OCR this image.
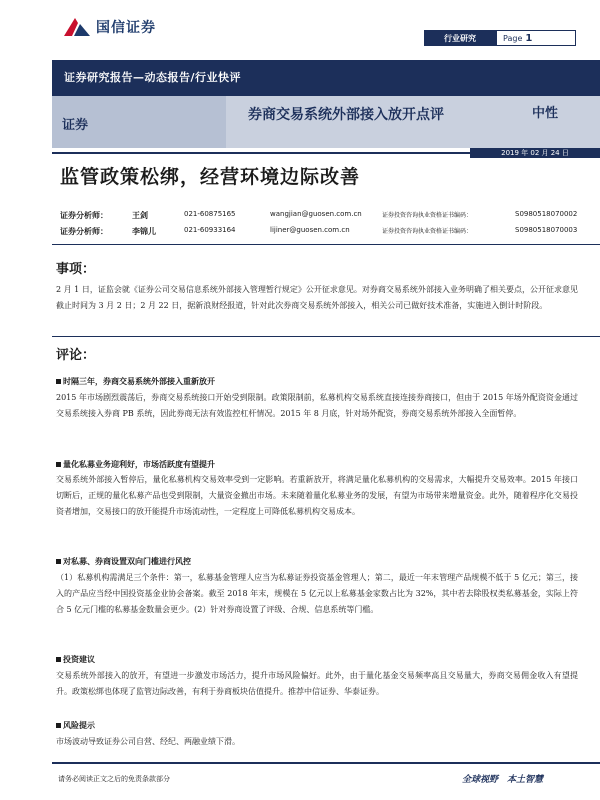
国信证券
行业研究	Page 1
证券研究报告—动态报告/行业快评
证券
券商交易系统外部接入放开点评	中性
2019 年 02 月 24 日
监管政策松绑，经营环境边际改善
证券分析师：	王剑	021-60875165	wangjian@guosen.com.cn	证券投资咨询执业资格证书编码：	S0980518070002
证券分析师：	李锦儿	021-60933164	lijiner@guosen.com.cn	证券投资咨询执业资格证书编码：	S0980518070003
事项：
2 月 1 日，证监会就《证券公司交易信息系统外部接入管理暂行规定》公开征求意见。对券商交易系统外部接入业务明确了相关要点，公开征求意见截止时间为 3 月 2 日；2 月 22 日，据新浪财经报道，针对此次券商交易系统外部接入，相关公司已做好技术准备，实施进入倒计时阶段。
评论：
时隔三年，券商交易系统外部接入重新放开
2015 年市场剧烈震荡后，券商交易系统接口开始受到限制。政策限制前，私募机构交易系统直接连接券商接口，但由于 2015 年场外配资资金通过交易系统接入券商 PB 系统，因此券商无法有效监控杠杆情况。2015 年 8 月底，针对场外配资，券商交易系统外部接入全面暂停。
量化私募业务迎利好，市场活跃度有望提升
交易系统外部接入暂停后，量化私募机构交易效率受到一定影响。若重新放开，将满足量化私募机构的交易需求，大幅提升交易效率。2015 年接口切断后，正规的量化私募产品也受到限制，大量资金撤出市场。未来随着量化私募业务的发展，有望为市场带来增量资金。此外，随着程序化交易投资者增加，交易接口的放开能提升市场流动性，一定程度上可降低私募机构交易成本。
对私募、券商设置双向门槛进行风控
（1）私募机构需满足三个条件：第一，私募基金管理人应当为私募证券投资基金管理人；第二，最近一年末管理产品规模不低于 5 亿元；第三，接入的产品应当经中国投资基金业协会备案。截至 2018 年末，规模在 5 亿元以上私募基金家数占比为 32%，其中若去除股权类私募基金，实际上符合 5 亿元门槛的私募基金数量会更少。(2）针对券商设置了评级、合规、信息系统等门槛。
投资建议
交易系统外部接入的放开，有望进一步激发市场活力，提升市场风险偏好。此外，由于量化基金交易频率高且交易量大，券商交易佣金收入有望提升。政策松绑也体现了监管边际改善，有利于券商板块估值提升。推荐中信证券、华泰证券。
风险提示
市场波动导致证券公司自营、经纪、两融业绩下滑。
请务必阅读正文之后的免责条款部分	全球视野　本土智慧
